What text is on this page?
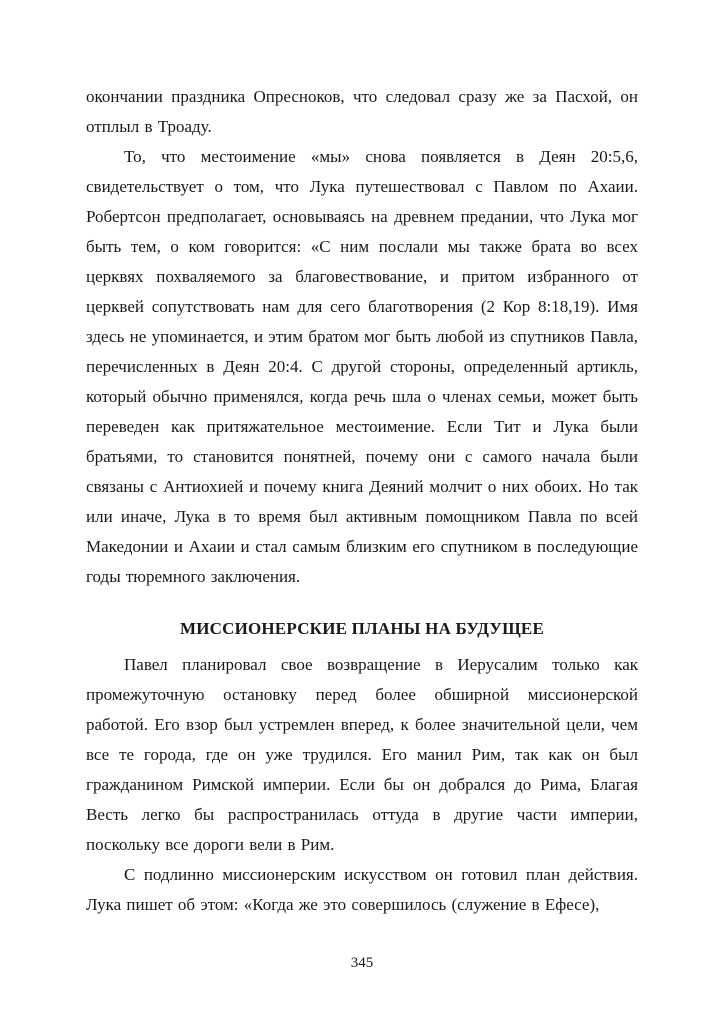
окончании праздника Опресноков, что следовал сразу же за Пасхой, он отплыл в Троаду.

То, что местоимение «мы» снова появляется в Деян 20:5,6, свидетельствует о том, что Лука путешествовал с Павлом по Ахаии. Робертсон предполагает, основываясь на древнем предании, что Лука мог быть тем, о ком говорится: «С ним послали мы также брата во всех церквях похваляемого за благовествование, и притом избранного от церквей сопутствовать нам для сего благотворения (2 Кор 8:18,19). Имя здесь не упоминается, и этим братом мог быть любой из спутников Павла, перечисленных в Деян 20:4. С другой стороны, определенный артикль, который обычно применялся, когда речь шла о членах семьи, может быть переведен как притяжательное местоимение. Если Тит и Лука были братьями, то становится понятней, почему они с самого начала были связаны с Антиохией и почему книга Деяний молчит о них обоих. Но так или иначе, Лука в то время был активным помощником Павла по всей Македонии и Ахаии и стал самым близким его спутником в последующие годы тюремного заключения.

МИССИОНЕРСКИЕ ПЛАНЫ НА БУДУЩЕЕ

Павел планировал свое возвращение в Иерусалим только как промежуточную остановку перед более обширной миссионерской работой. Его взор был устремлен вперед, к более значительной цели, чем все те города, где он уже трудился. Его манил Рим, так как он был гражданином Римской империи. Если бы он добрался до Рима, Благая Весть легко бы распространилась оттуда в другие части империи, поскольку все дороги вели в Рим.

С подлинно миссионерским искусством он готовил план действия. Лука пишет об этом: «Когда же это совершилось (служение в Ефесе),

345
